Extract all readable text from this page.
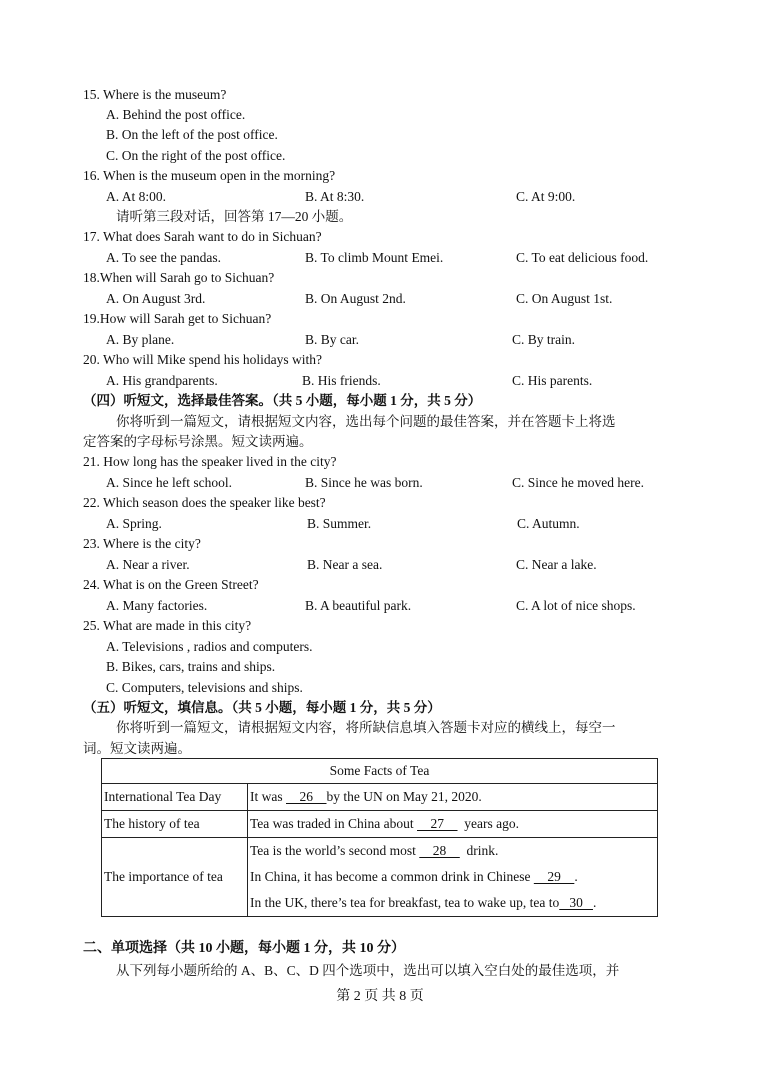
15. Where is the museum?
A. Behind the post office.
B. On the left of the post office.
C. On the right of the post office.
16. When is the museum open in the morning?
A. At 8:00.	B. At 8:30.	C. At 9:00.
请听第三段对话，回答第 17—20 小题。
17. What does Sarah want to do in Sichuan?
A. To see the pandas.	B. To climb Mount Emei.	C. To eat delicious food.
18.When will Sarah go to Sichuan?
A. On August 3rd.	B. On August 2nd.	C. On August 1st.
19.How will Sarah get to Sichuan?
A. By plane.	B. By car.	C. By train.
20. Who will Mike spend his holidays with?
A. His grandparents.	B. His friends.	C. His parents.
（四）听短文，选择最佳答案。（共 5 小题，每小题 1 分，共 5 分）
你将听到一篇短文，请根据短文内容，选出每个问题的最佳答案，并在答题卡上将选
定答案的字母标号涂黑。短文读两遍。
21. How long has the speaker lived in the city?
A. Since he left school.	B. Since he was born.	C. Since he moved here.
22. Which season does the speaker like best?
A. Spring.	B. Summer.	C. Autumn.
23. Where is the city?
A. Near a river.	B. Near a sea.	C. Near a lake.
24. What is on the Green Street?
A. Many factories.	B. A beautiful park.	C. A lot of nice shops.
25. What are made in this city?
A. Televisions , radios and computers.
B. Bikes, cars, trains and ships.
C. Computers, televisions and ships.
（五）听短文，填信息。（共 5 小题，每小题 1 分，共 5 分）
你将听到一篇短文，请根据短文内容，将所缺信息填入答题卡对应的横线上，每空一
词。短文读两遍。
Some Facts of Tea	
International Tea Day	It was     26    by the UN on May 21, 2020.
The history of tea	Tea was traded in China about     27      years ago.
The importance of tea	Tea is the world’s second most     28      drink.
In China, it has become a common drink in Chinese     29    .
In the UK, there’s tea for breakfast, tea to wake up, tea to   30   .
二、单项选择（共 10 小题，每小题 1 分，共 10 分）
从下列每小题所给的 A、B、C、D 四个选项中，选出可以填入空白处的最佳选项，并
第 2 页 共 8 页
